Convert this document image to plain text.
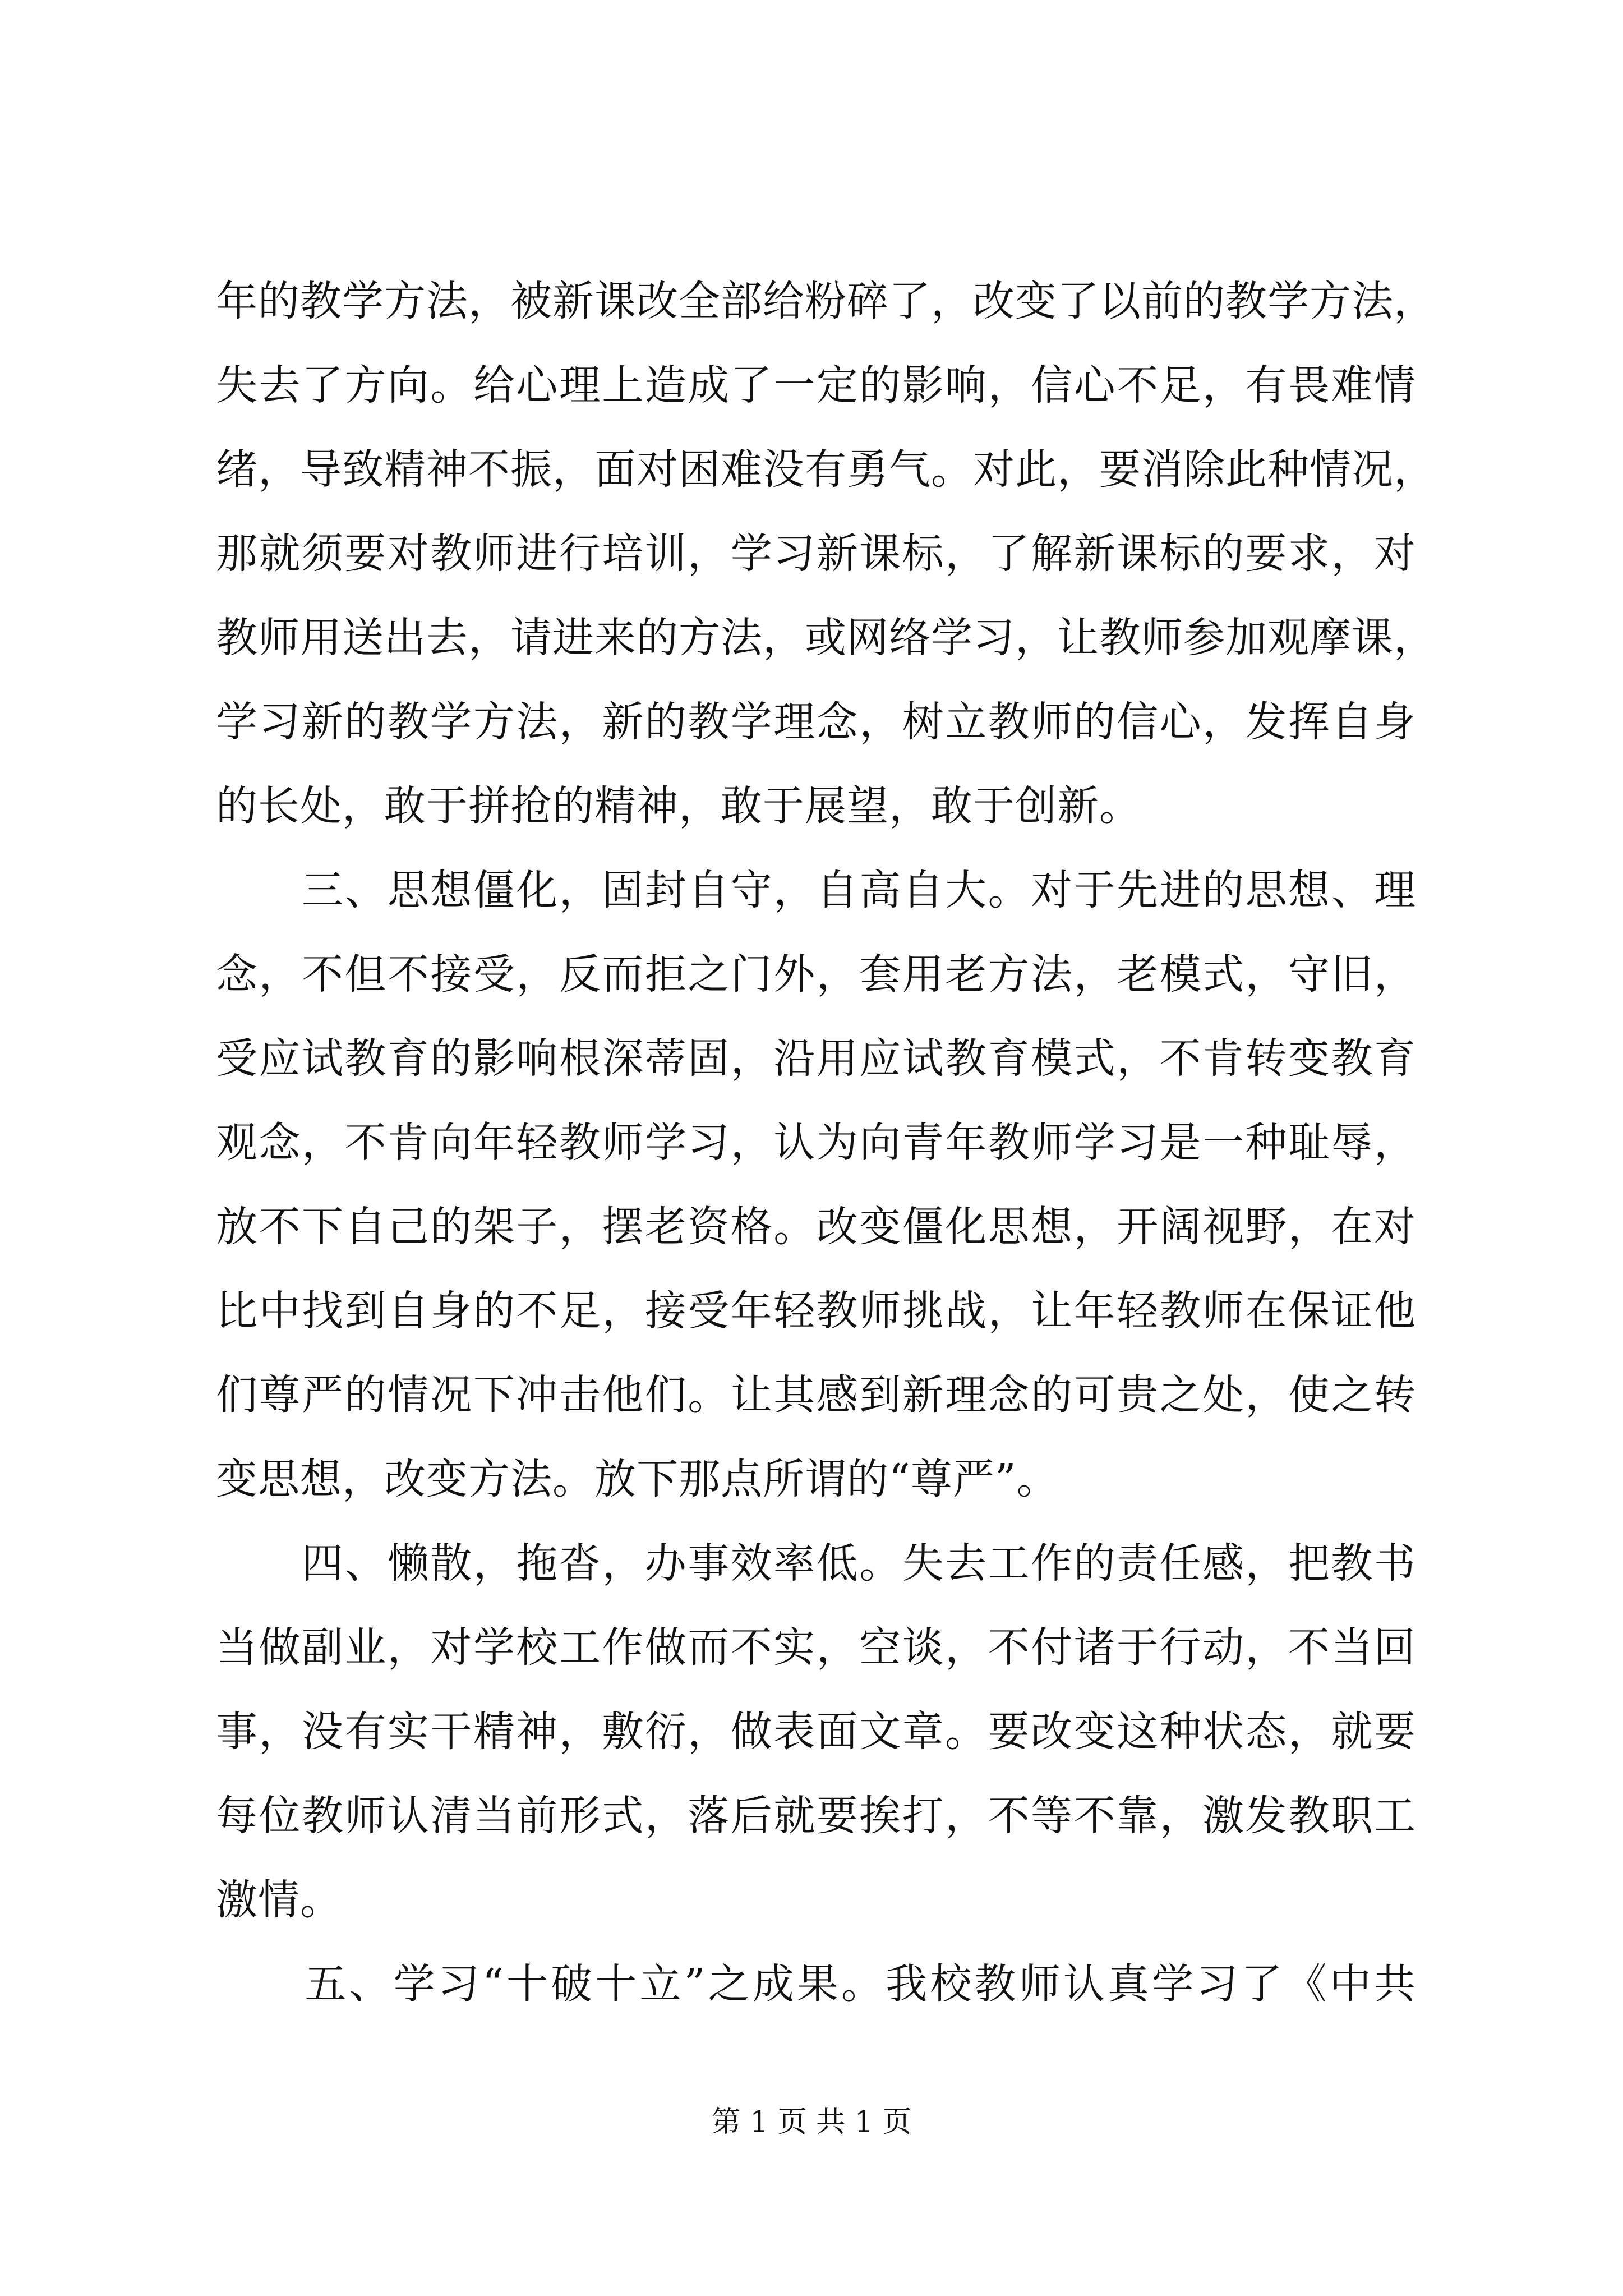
年的教学方法，被新课改全部给粉碎了，改变了以前的教学方法，
失去了方向。给心理上造成了一定的影响，信心不足，有畏难情
绪，导致精神不振，面对困难没有勇气。对此，要消除此种情况，
那就须要对教师进行培训，学习新课标，了解新课标的要求，对
教师用送出去，请进来的方法，或网络学习，让教师参加观摩课，
学习新的教学方法，新的教学理念，树立教师的信心，发挥自身
的长处，敢于拼抢的精神，敢于展望，敢于创新。
　　三、思想僵化，固封自守，自高自大。对于先进的思想、理
念，不但不接受，反而拒之门外，套用老方法，老模式，守旧，
受应试教育的影响根深蒂固，沿用应试教育模式，不肯转变教育
观念，不肯向年轻教师学习，认为向青年教师学习是一种耻辱，
放不下自己的架子，摆老资格。改变僵化思想，开阔视野，在对
比中找到自身的不足，接受年轻教师挑战，让年轻教师在保证他
们尊严的情况下冲击他们。让其感到新理念的可贵之处，使之转
变思想，改变方法。放下那点所谓的“尊严”。
　　四、懒散，拖沓，办事效率低。失去工作的责任感，把教书
当做副业，对学校工作做而不实，空谈，不付诸于行动，不当回
事，没有实干精神，敷衍，做表面文章。要改变这种状态，就要
每位教师认清当前形式，落后就要挨打，不等不靠，激发教职工
激情。
　　五、学习“十破十立”之成果。我校教师认真学习了《中共
第 1 页 共 1 页
